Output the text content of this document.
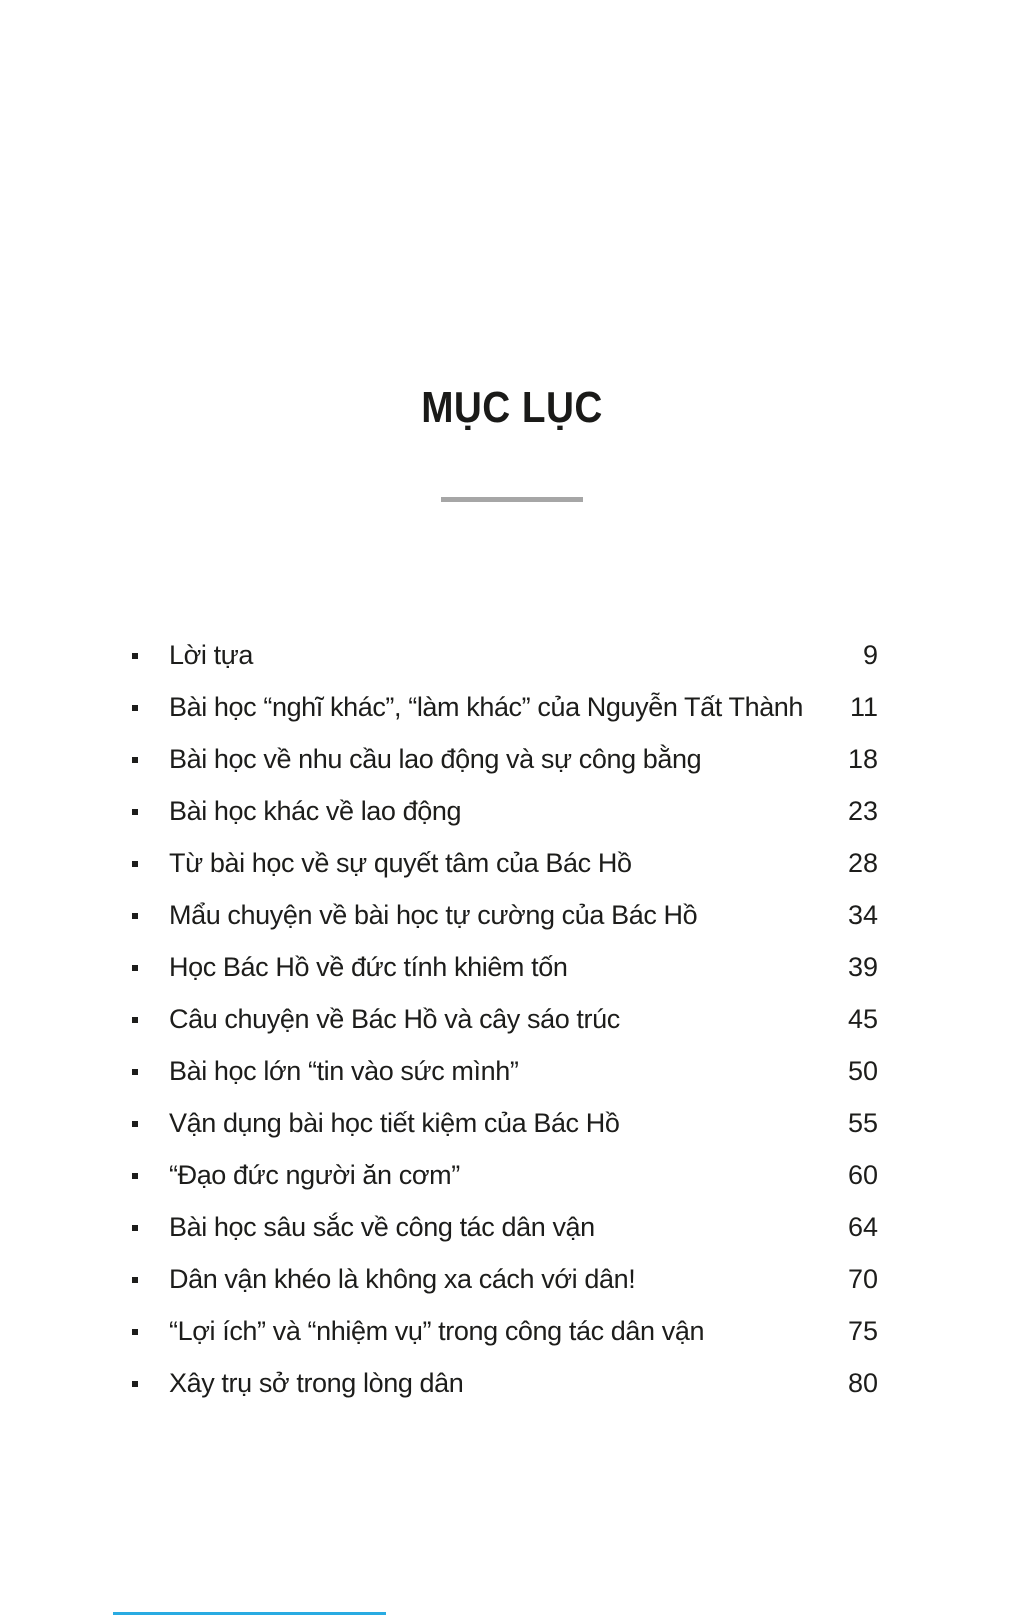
MỤC LỤC
Lời tựa	9
Bài học “nghĩ khác”, “làm khác” của Nguyễn Tất Thành	11
Bài học về nhu cầu lao động và sự công bằng	18
Bài học khác về lao động	23
Từ bài học về sự quyết tâm của Bác Hồ	28
Mẩu chuyện về bài học tự cường của Bác Hồ	34
Học Bác Hồ về đức tính khiêm tốn	39
Câu chuyện về Bác Hồ và cây sáo trúc	45
Bài học lớn “tin vào sức mình”	50
Vận dụng bài học tiết kiệm của Bác Hồ	55
“Đạo đức người ăn cơm”	60
Bài học sâu sắc về công tác dân vận	64
Dân vận khéo là không xa cách với dân!	70
“Lợi ích” và “nhiệm vụ” trong công tác dân vận	75
Xây trụ sở trong lòng dân	80
